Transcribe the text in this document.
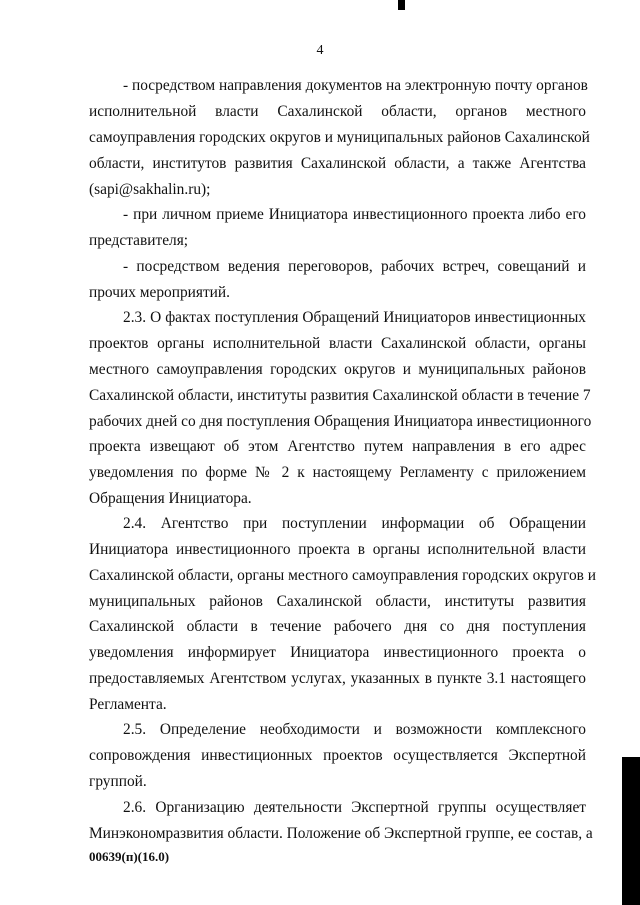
4
- посредством направления документов на электронную почту органов
исполнительной власти Сахалинской области, органов местного
самоуправления городских округов и муниципальных районов Сахалинской
области, институтов развития Сахалинской области, а также Агентства
(sapi@sakhalin.ru);
- при личном приеме Инициатора инвестиционного проекта либо его
представителя;
- посредством ведения переговоров, рабочих встреч, совещаний и
прочих мероприятий.
2.3. О фактах поступления Обращений Инициаторов инвестиционных
проектов органы исполнительной власти Сахалинской области, органы
местного самоуправления городских округов и муниципальных районов
Сахалинской области, институты развития Сахалинской области в течение 7
рабочих дней со дня поступления Обращения Инициатора инвестиционного
проекта извещают об этом Агентство путем направления в его адрес
уведомления по форме № 2 к настоящему Регламенту с приложением
Обращения Инициатора.
2.4. Агентство при поступлении информации об Обращении
Инициатора инвестиционного проекта в органы исполнительной власти
Сахалинской области, органы местного самоуправления городских округов и
муниципальных районов Сахалинской области, институты развития
Сахалинской области в течение рабочего дня со дня поступления
уведомления информирует Инициатора инвестиционного проекта о
предоставляемых Агентством услугах, указанных в пункте 3.1 настоящего
Регламента.
2.5. Определение необходимости и возможности комплексного
сопровождения инвестиционных проектов осуществляется Экспертной
группой.
2.6. Организацию деятельности Экспертной группы осуществляет
Минэкономразвития области. Положение об Экспертной группе, ее состав, а
00639(п)(16.0)
